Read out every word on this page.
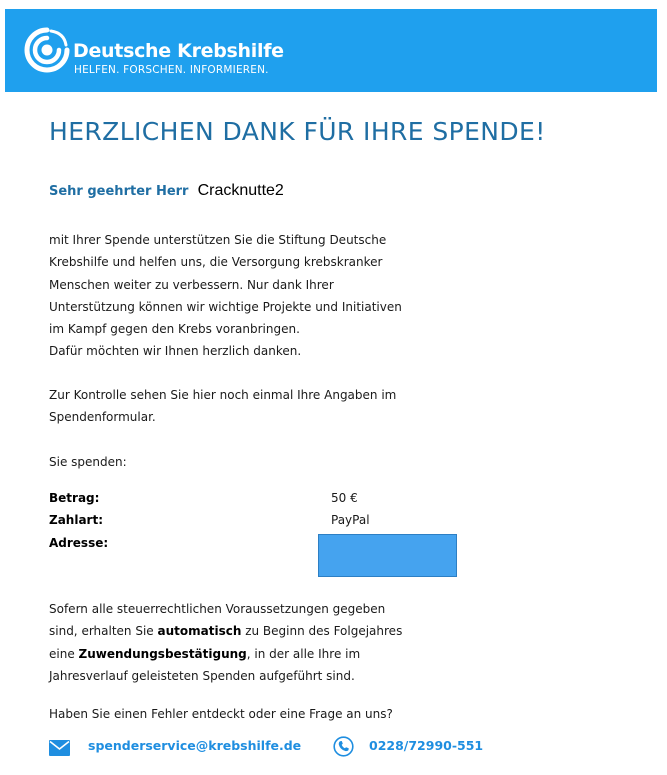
Deutsche Krebshilfe
HELFEN. FORSCHEN. INFORMIEREN.
HERZLICHEN DANK FÜR IHRE SPENDE!
Sehr geehrter Herr Cracknutte2

mit Ihrer Spende unterstützen Sie die Stiftung Deutsche
Krebshilfe und helfen uns, die Versorgung krebskranker
Menschen weiter zu verbessern. Nur dank Ihrer
Unterstützung können wir wichtige Projekte und Initiativen
im Kampf gegen den Krebs voranbringen.
Dafür möchten wir Ihnen herzlich danken.

Zur Kontrolle sehen Sie hier noch einmal Ihre Angaben im
Spendenformular.

Sie spenden:

Betrag:	50 €
Zahlart:	PayPal
Adresse:

Sofern alle steuerrechtlichen Voraussetzungen gegeben
sind, erhalten Sie automatisch zu Beginn des Folgejahres
eine Zuwendungsbestätigung, in der alle Ihre im
Jahresverlauf geleisteten Spenden aufgeführt sind.

Haben Sie einen Fehler entdeckt oder eine Frage an uns?

spenderservice@krebshilfe.de	0228/72990-551
